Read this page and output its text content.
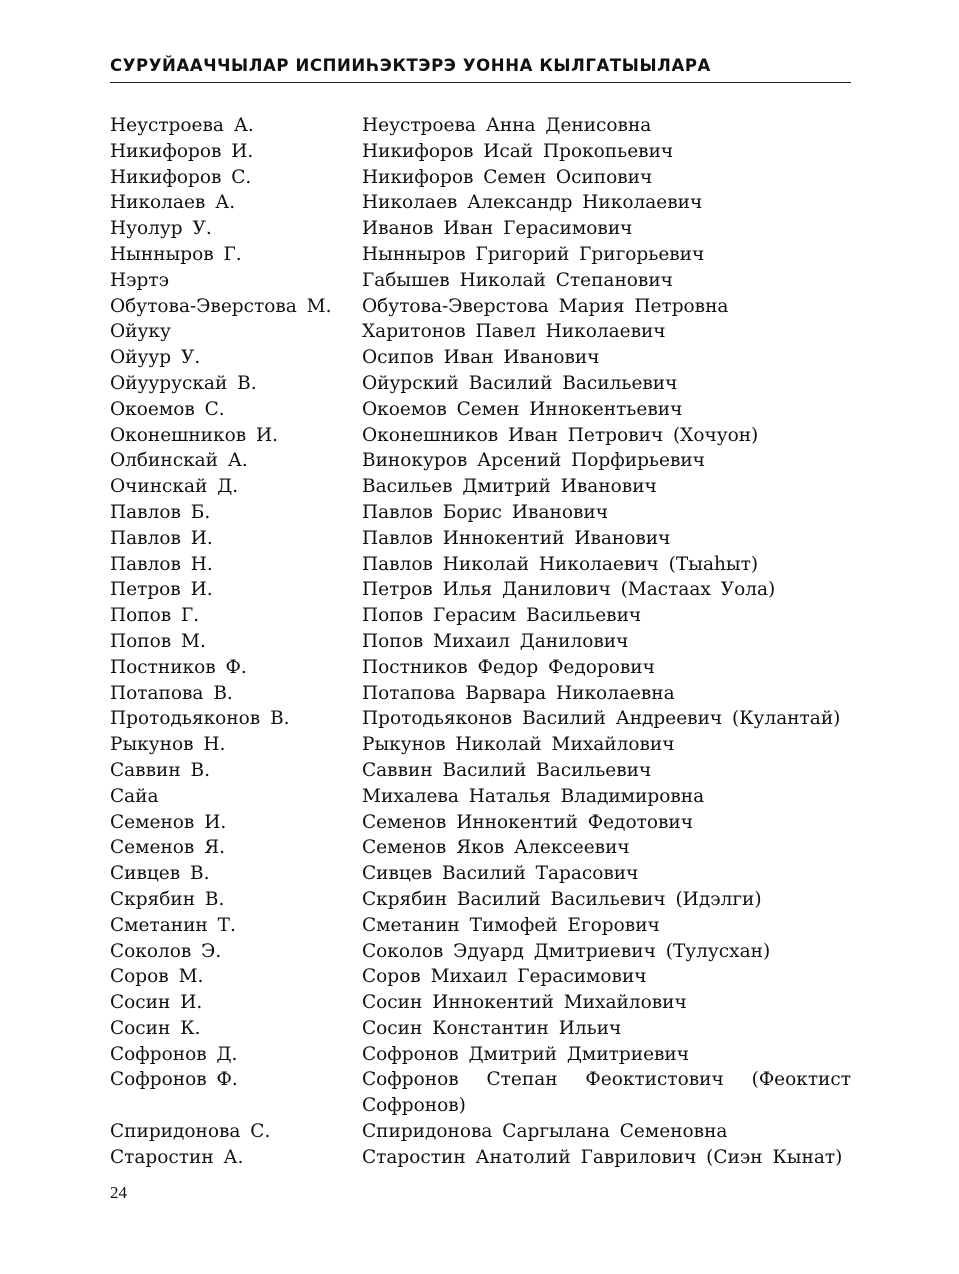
СУРУЙААЧЧЫЛАР ИСПИИҺЭКТЭРЭ УОННА КЫЛГАТЫЫЛАРА
Неустроева А.	Неустроева Анна Денисовна
Никифоров И.	Никифоров Исай Прокопьевич
Никифоров С.	Никифоров Семен Осипович
Николаев А.	Николаев Александр Николаевич
Нуолур У.	Иванов Иван Герасимович
Нынныров Г.	Нынныров Григорий Григорьевич
Нэртэ	Габышев Николай Степанович
Обутова-Эверстова М.	Обутова-Эверстова Мария Петровна
Ойуку	Харитонов Павел Николаевич
Ойуур У.	Осипов Иван Иванович
Ойуурускай В.	Ойурский Василий Васильевич
Окоемов С.	Окоемов Семен Иннокентьевич
Оконешников И.	Оконешников Иван Петрович (Хочуон)
Олбинскай А.	Винокуров Арсений Порфирьевич
Очинскай Д.	Васильев Дмитрий Иванович
Павлов Б.	Павлов Борис Иванович
Павлов И.	Павлов Иннокентий Иванович
Павлов Н.	Павлов Николай Николаевич (Тыаһыт)
Петров И.	Петров Илья Данилович (Мастаах Уола)
Попов Г.	Попов Герасим Васильевич
Попов М.	Попов Михаил Данилович
Постников Ф.	Постников Федор Федорович
Потапова В.	Потапова Варвара Николаевна
Протодьяконов В.	Протодьяконов Василий Андреевич (Кулантай)
Рыкунов Н.	Рыкунов Николай Михайлович
Саввин В.	Саввин Василий Васильевич
Сайа	Михалева Наталья Владимировна
Семенов И.	Семенов Иннокентий Федотович
Семенов Я.	Семенов Яков Алексеевич
Сивцев В.	Сивцев Василий Тарасович
Скрябин В.	Скрябин Василий Васильевич (Идэлги)
Сметанин Т.	Сметанин Тимофей Егорович
Соколов Э.	Соколов Эдуард Дмитриевич (Тулусхан)
Соров М.	Соров Михаил Герасимович
Сосин И.	Сосин Иннокентий Михайлович
Сосин К.	Сосин Константин Ильич
Софронов Д.	Софронов Дмитрий Дмитриевич
Софронов Ф.	Софронов Степан Феоктистович (Феоктист Софронов)
Спиридонова С.	Спиридонова Саргылана Семеновна
Старостин А.	Старостин Анатолий Гаврилович (Сиэн Кынат)
24
